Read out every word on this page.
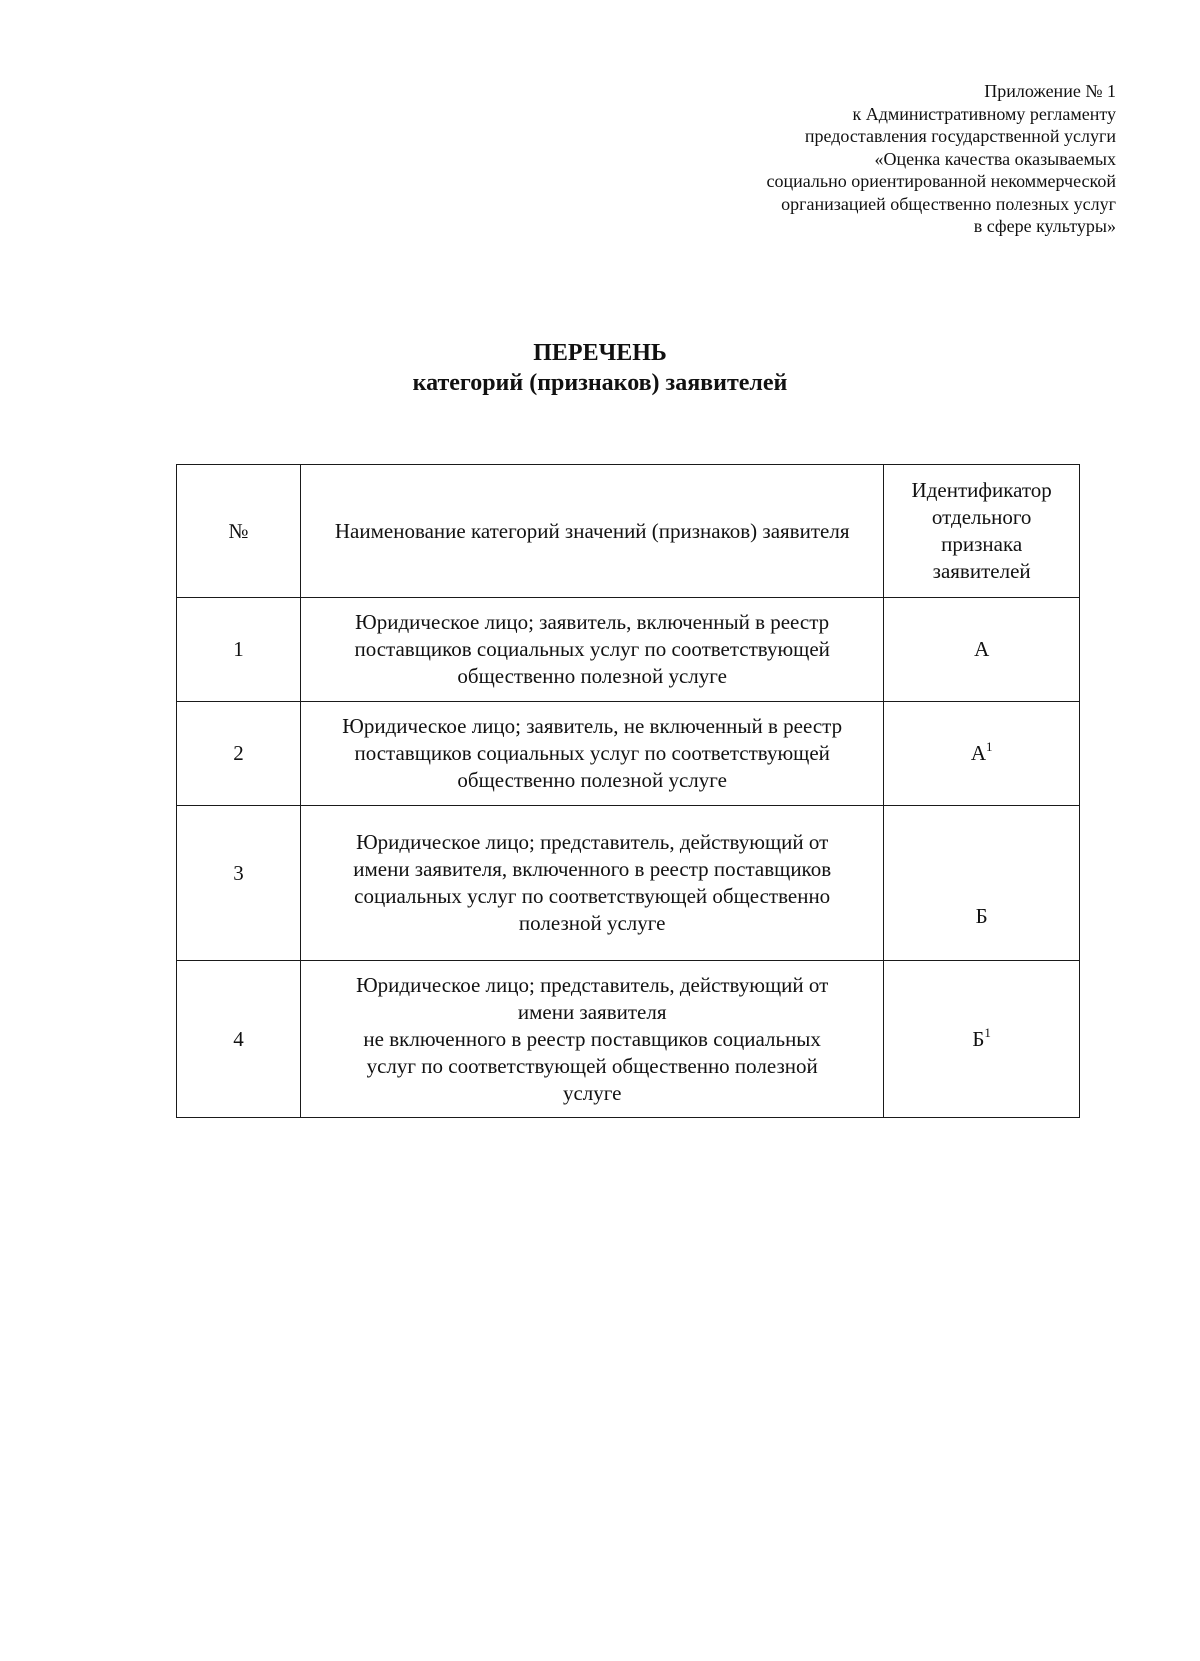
Приложение № 1
к Административному регламенту
предоставления государственной услуги
«Оценка качества оказываемых
социально ориентированной некоммерческой
организацией общественно полезных услуг
в сфере культуры»
ПЕРЕЧЕНЬ
категорий (признаков) заявителей
№	Наименование категорий значений (признаков) заявителя	Идентификатор
отдельного
признака
заявителей

1	Юридическое лицо; заявитель, включенный в реестр
поставщиков социальных услуг по соответствующей
общественно полезной услуге	А
2	Юридическое лицо; заявитель, не включенный в реестр
поставщиков социальных услуг по соответствующей
общественно полезной услуге	$А^1$
3	Юридическое лицо; представитель, действующий от
имени заявителя, включенного в реестр поставщиков
социальных услуг по соответствующей общественно
полезной услуге	Б
4	Юридическое лицо; представитель, действующий от
имени заявителя
не включенного в реестр поставщиков социальных
услуг по соответствующей общественно полезной
услуге	$Б^1$
